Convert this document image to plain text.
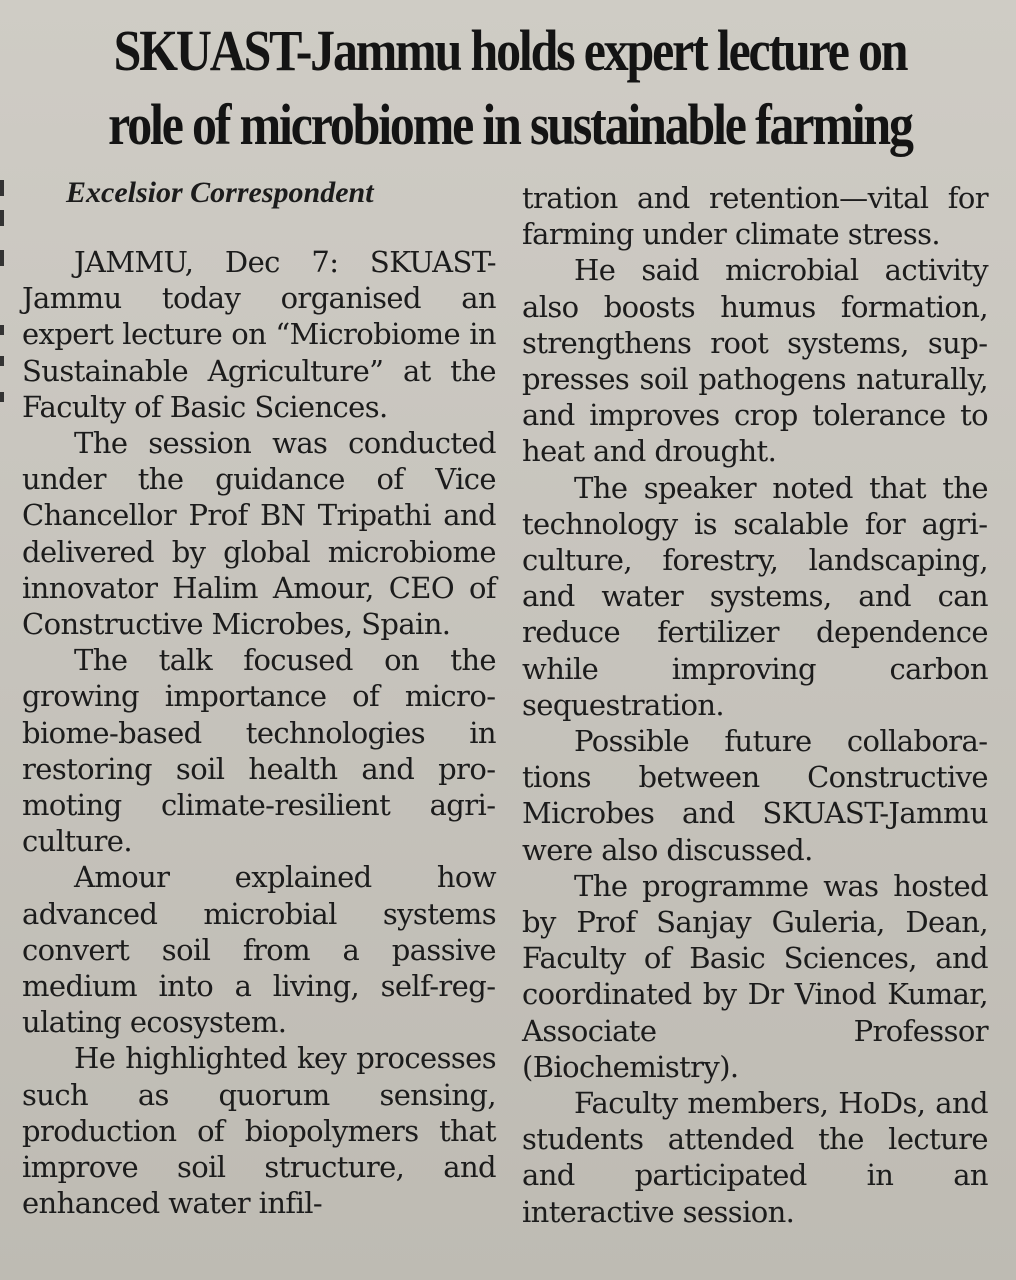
SKUAST-Jammu holds expert lecture on
role of microbiome in sustainable farming
Excelsior Correspondent

JAMMU, Dec 7: SKUAST-Jammu today organised an expert lecture on “Microbiome in Sustainable Agriculture” at the Faculty of Basic Sciences.

The session was conducted under the guidance of Vice Chancellor Prof BN Tripathi and delivered by global microbiome innovator Halim Amour, CEO of Constructive Microbes, Spain.

The talk focused on the growing importance of microbiome-based technologies in restoring soil health and promoting climate-resilient agriculture.

Amour explained how advanced microbial systems convert soil from a passive medium into a living, self-regulating ecosystem.

He highlighted key processes such as quorum sensing, production of biopolymers that improve soil structure, and enhanced water infil-

tration and retention—vital for farming under climate stress.

He said microbial activity also boosts humus formation, strengthens root systems, suppresses soil pathogens naturally, and improves crop tolerance to heat and drought.

The speaker noted that the technology is scalable for agriculture, forestry, landscaping, and water systems, and can reduce fertilizer dependence while improving carbon sequestration.

Possible future collaborations between Constructive Microbes and SKUAST-Jammu were also discussed.

The programme was hosted by Prof Sanjay Guleria, Dean, Faculty of Basic Sciences, and coordinated by Dr Vinod Kumar, Associate Professor (Biochemistry).

Faculty members, HoDs, and students attended the lecture and participated in an interactive session.
